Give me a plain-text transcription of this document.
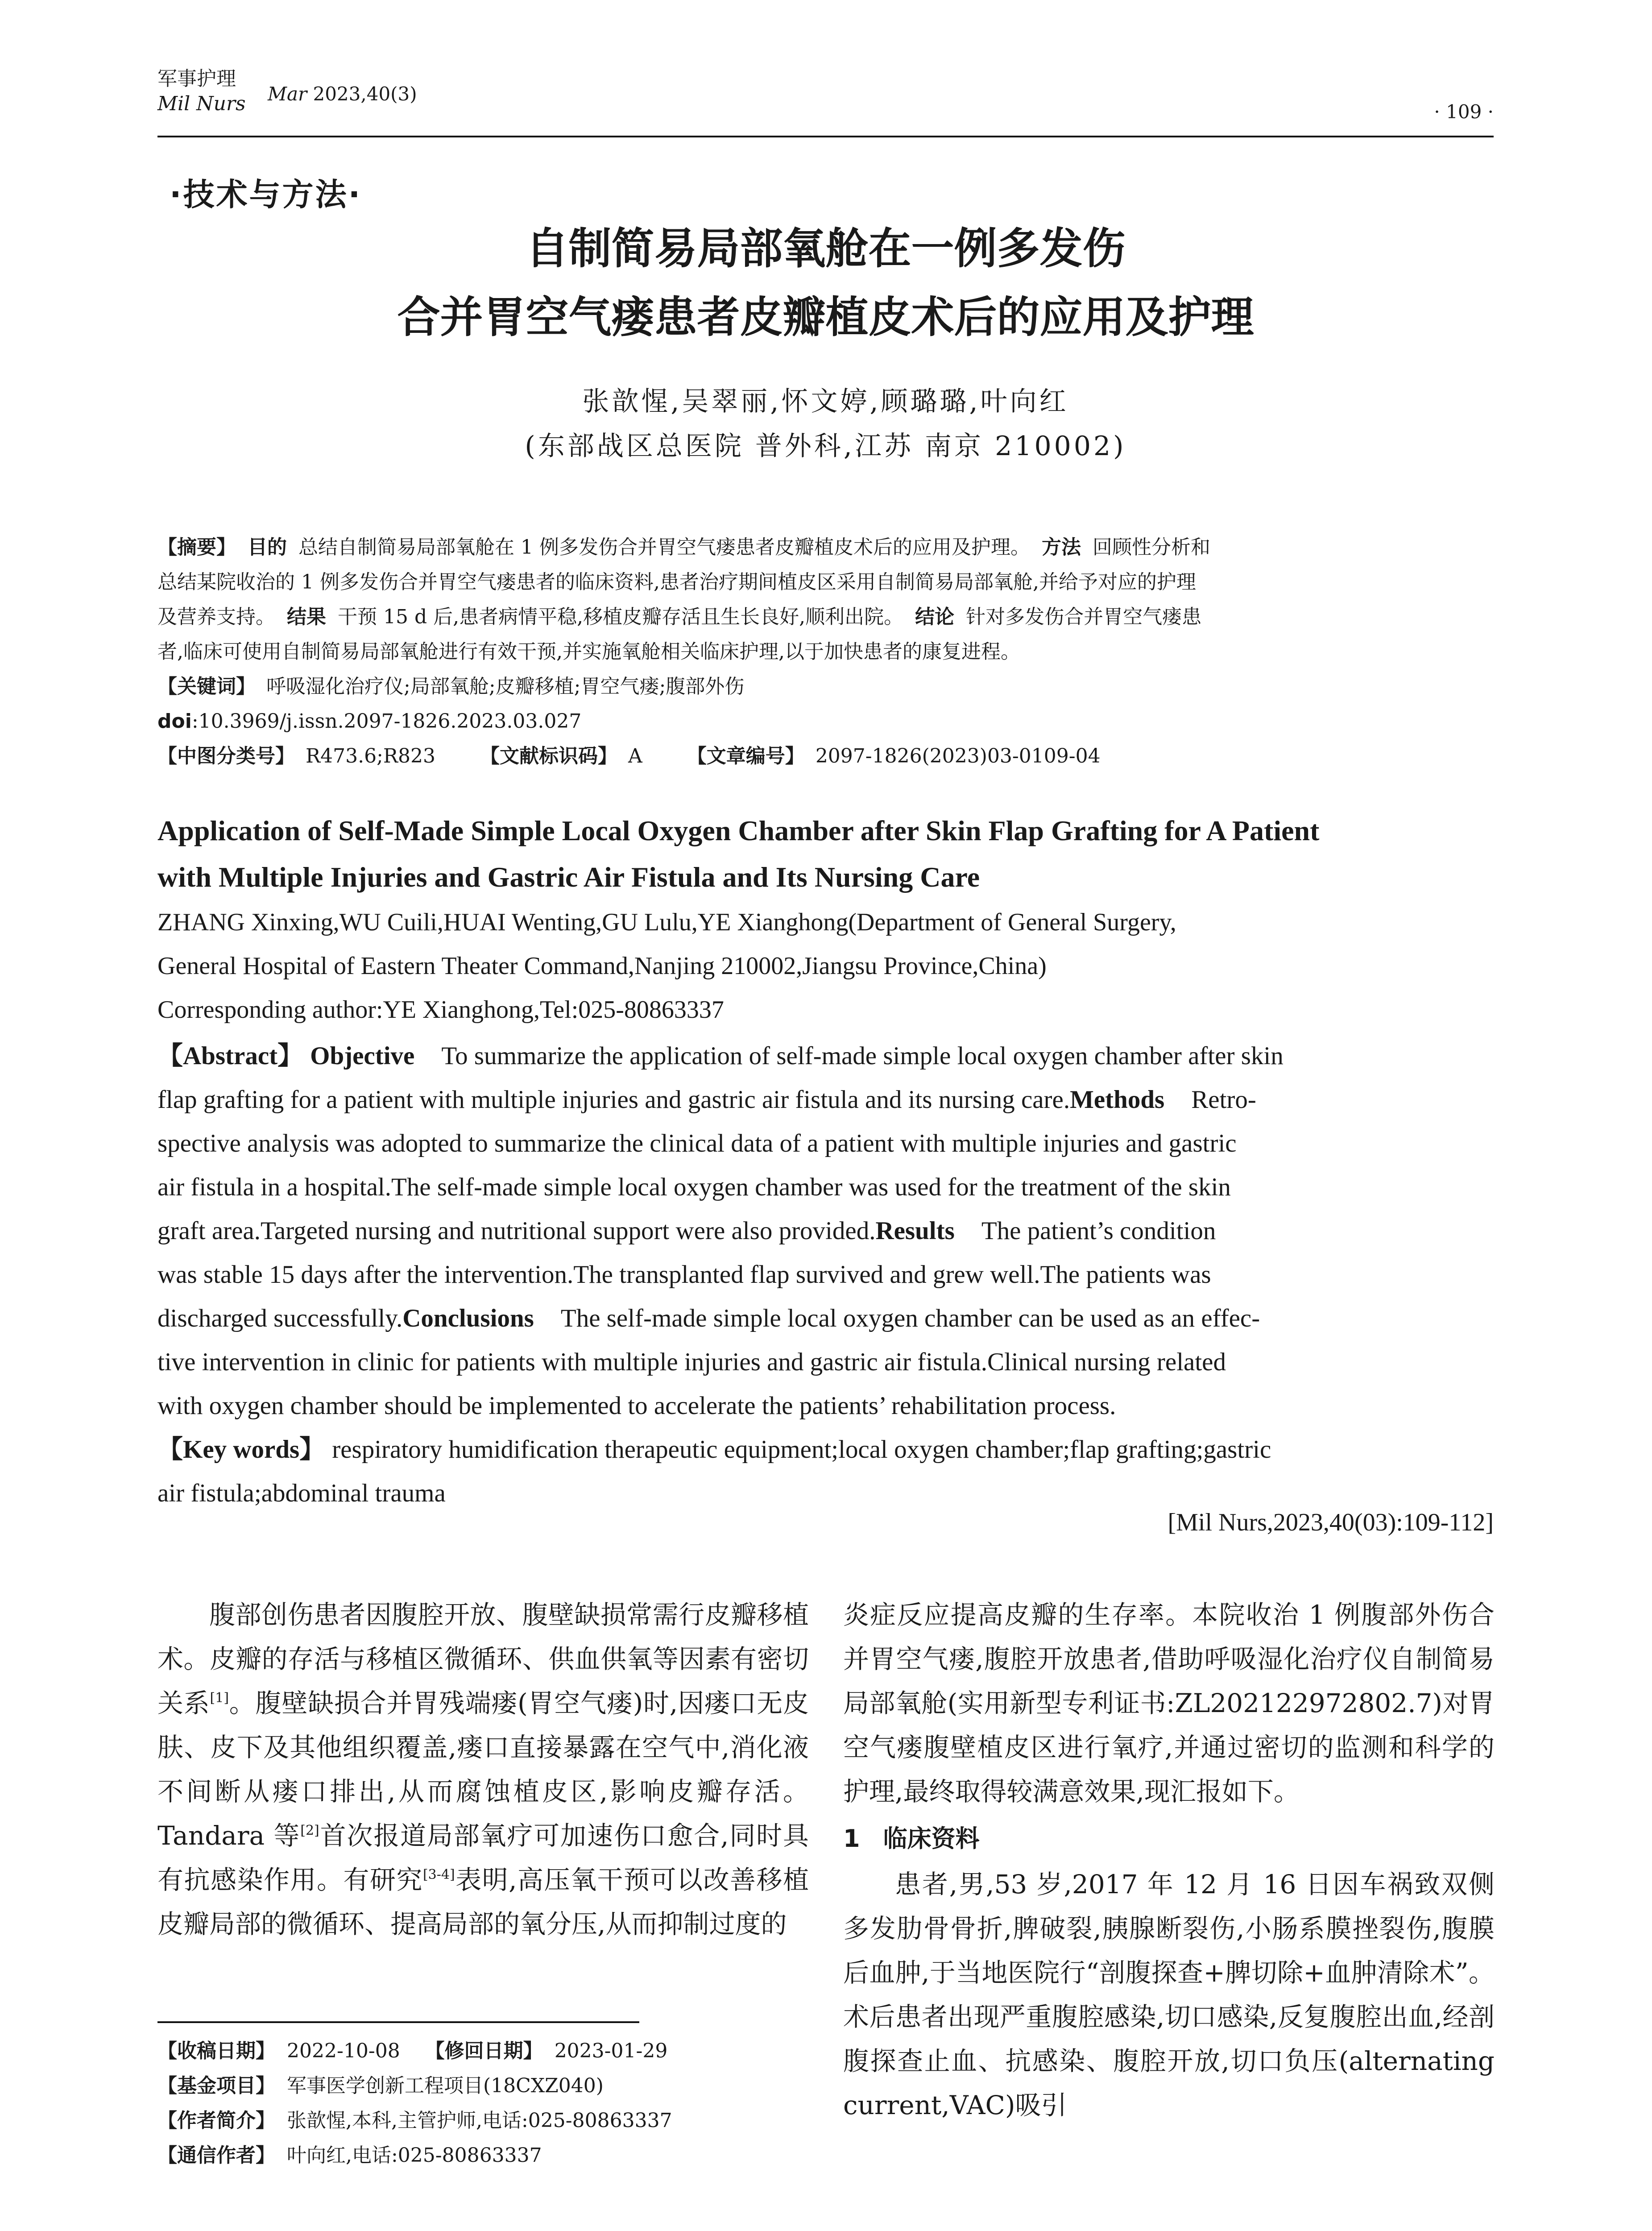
军事护理
Mil Nurs Mar 2023,40(3)
· 109 ·
·技术与方法·
自制简易局部氧舱在一例多发伤
合并胃空气瘘患者皮瓣植皮术后的应用及护理
张歆惺,吴翠丽,怀文婷,顾璐璐,叶向红
(东部战区总医院 普外科,江苏 南京 210002)
【摘要】 目的 总结自制简易局部氧舱在 1 例多发伤合并胃空气瘘患者皮瓣植皮术后的应用及护理。 方法 回顾性分析和
总结某院收治的 1 例多发伤合并胃空气瘘患者的临床资料,患者治疗期间植皮区采用自制简易局部氧舱,并给予对应的护理
及营养支持。 结果 干预 15 d 后,患者病情平稳,移植皮瓣存活且生长良好,顺利出院。 结论 针对多发伤合并胃空气瘘患
者,临床可使用自制简易局部氧舱进行有效干预,并实施氧舱相关临床护理,以于加快患者的康复进程。
【关键词】 呼吸湿化治疗仪;局部氧舱;皮瓣移植;胃空气瘘;腹部外伤
doi:10.3969/j.issn.2097-1826.2023.03.027
【中图分类号】 R473.6;R823 【文献标识码】 A 【文章编号】 2097-1826(2023)03-0109-04
Application of Self-Made Simple Local Oxygen Chamber after Skin Flap Grafting for A Patient
with Multiple Injuries and Gastric Air Fistula and Its Nursing Care
ZHANG Xinxing,WU Cuili,HUAI Wenting,GU Lulu,YE Xianghong(Department of General Surgery,
General Hospital of Eastern Theater Command,Nanjing 210002,Jiangsu Province,China)
Corresponding author:YE Xianghong,Tel:025-80863337
【Abstract】 Objective To summarize the application of self-made simple local oxygen chamber after skin
flap grafting for a patient with multiple injuries and gastric air fistula and its nursing care.Methods Retro-
spective analysis was adopted to summarize the clinical data of a patient with multiple injuries and gastric
air fistula in a hospital.The self-made simple local oxygen chamber was used for the treatment of the skin
graft area.Targeted nursing and nutritional support were also provided.Results The patient’s condition
was stable 15 days after the intervention.The transplanted flap survived and grew well.The patients was
discharged successfully.Conclusions The self-made simple local oxygen chamber can be used as an effec-
tive intervention in clinic for patients with multiple injuries and gastric air fistula.Clinical nursing related
with oxygen chamber should be implemented to accelerate the patients’ rehabilitation process.
【Key words】 respiratory humidification therapeutic equipment;local oxygen chamber;flap grafting;gastric
air fistula;abdominal trauma
[Mil Nurs,2023,40(03):109-112]

腹部创伤患者因腹腔开放、腹壁缺损常需行皮瓣移植术。皮瓣的存活与移植区微循环、供血供氧等因素有密切关系[1]。腹壁缺损合并胃残端瘘(胃空气瘘)时,因瘘口无皮肤、皮下及其他组织覆盖,瘘口直接暴露在空气中,消化液不间断从瘘口排出,从而腐蚀植皮区,影响皮瓣存活。Tandara 等[2]首次报道局部氧疗可加速伤口愈合,同时具有抗感染作用。有研究[3-4]表明,高压氧干预可以改善移植皮瓣局部的微循环、提高局部的氧分压,从而抑制过度的

炎症反应提高皮瓣的生存率。本院收治 1 例腹部外伤合并胃空气瘘,腹腔开放患者,借助呼吸湿化治疗仪自制简易局部氧舱(实用新型专利证书:ZL202122972802.7)对胃空气瘘腹壁植皮区进行氧疗,并通过密切的监测和科学的护理,最终取得较满意效果,现汇报如下。

1 临床资料

患者,男,53 岁,2017 年 12 月 16 日因车祸致双侧多发肋骨骨折,脾破裂,胰腺断裂伤,小肠系膜挫裂伤,腹膜后血肿,于当地医院行“剖腹探查+脾切除+血肿清除术”。术后患者出现严重腹腔感染,切口感染,反复腹腔出血,经剖腹探查止血、抗感染、腹腔开放,切口负压(alternating current,VAC)吸引

【收稿日期】 2022-10-08 【修回日期】 2023-01-29
【基金项目】 军事医学创新工程项目(18CXZ040)
【作者简介】 张歆惺,本科,主管护师,电话:025-80863337
【通信作者】 叶向红,电话:025-80863337
